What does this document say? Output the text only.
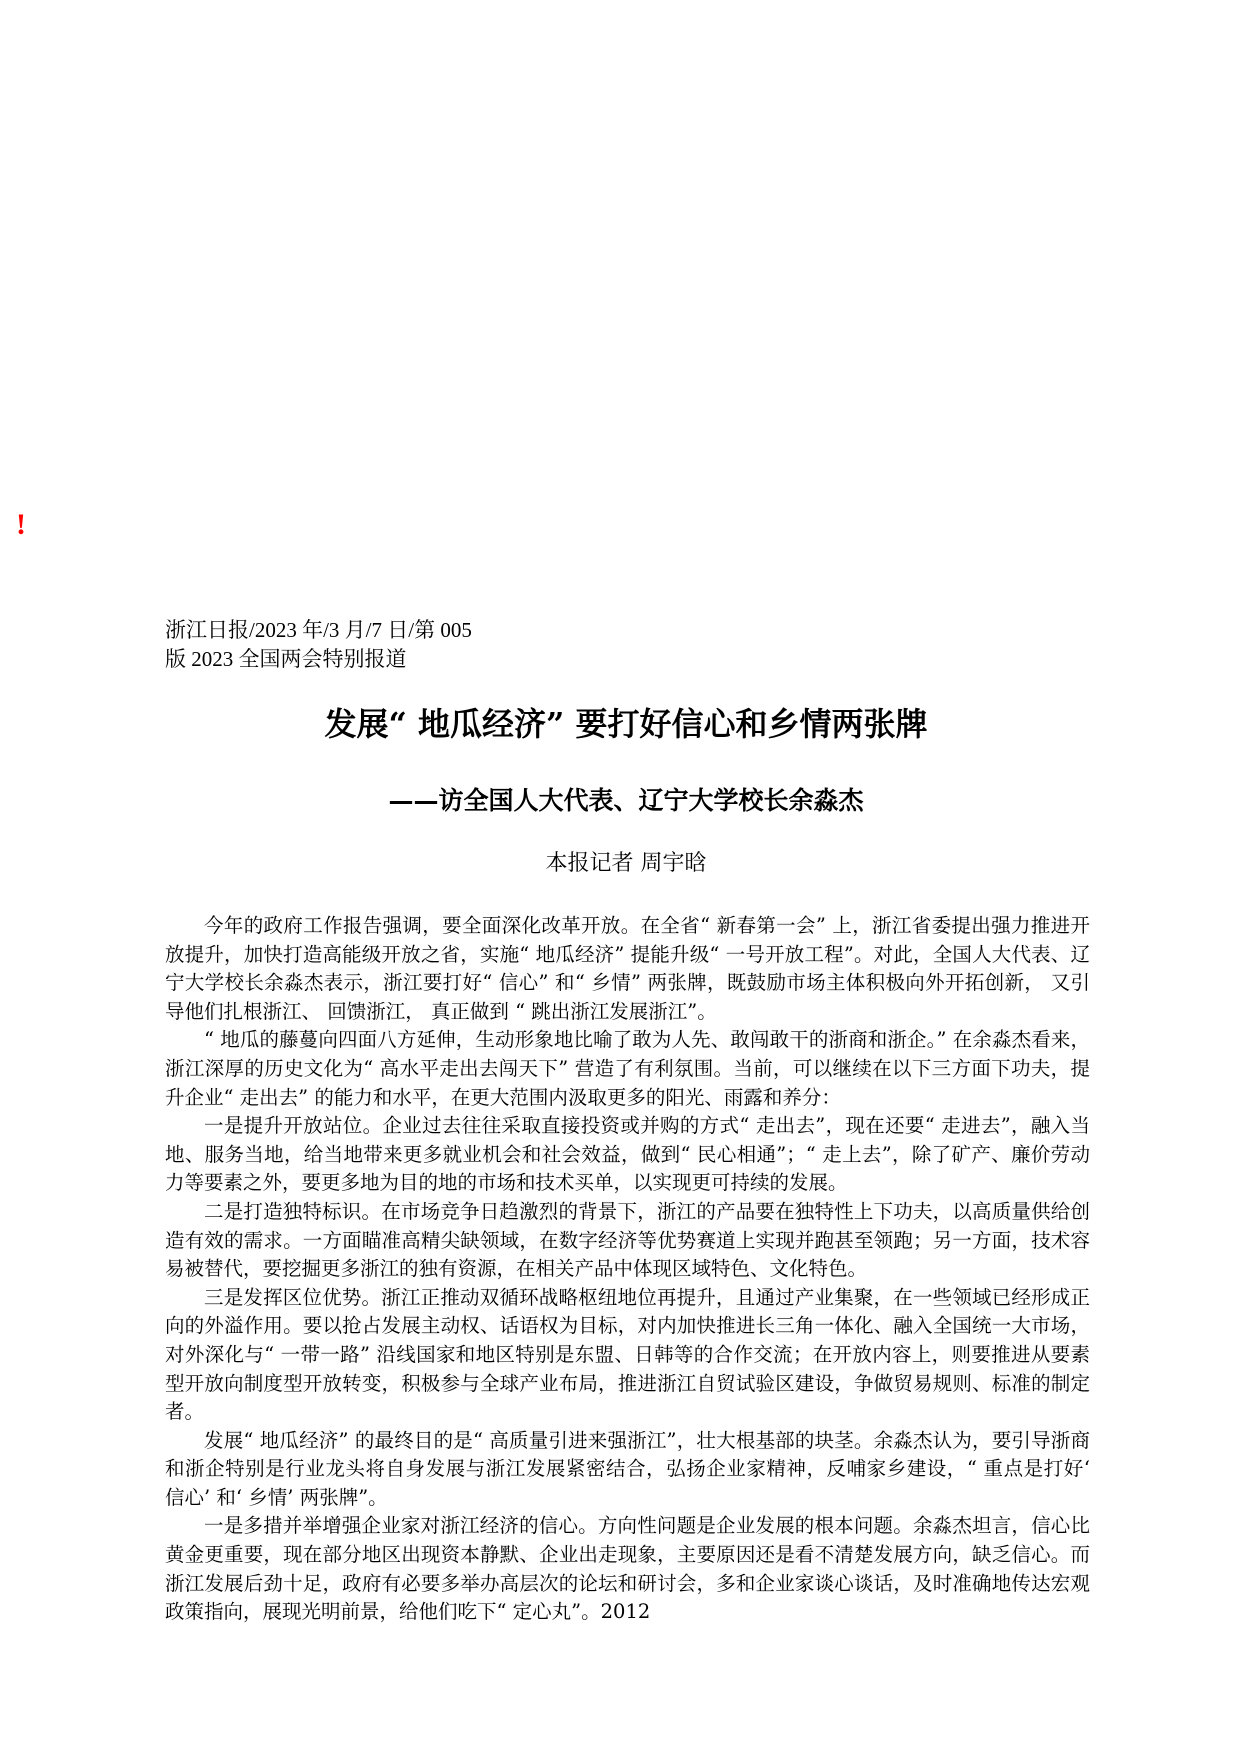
!
浙江日报/2023 年/3 月/7 日/第 005
版 2023 全国两会特别报道
发展“ 地瓜经济” 要打好信心和乡情两张牌
——访全国人大代表、辽宁大学校长余淼杰
本报记者 周宇晗

今年的政府工作报告强调，要全面深化改革开放。在全省“ 新春第一会” 上，浙江省委提出强力推进开放提升，加快打造高能级开放之省，实施“ 地瓜经济” 提能升级“ 一号开放工程”。对此，全国人大代表、辽宁大学校长余淼杰表示，浙江要打好“ 信心” 和“ 乡情” 两张牌，既鼓励市场主体积极向外开拓创新， 又引导他们扎根浙江、 回馈浙江， 真正做到 “ 跳出浙江发展浙江”。

“ 地瓜的藤蔓向四面八方延伸，生动形象地比喻了敢为人先、敢闯敢干的浙商和浙企。” 在余淼杰看来，浙江深厚的历史文化为“ 高水平走出去闯天下” 营造了有利氛围。当前，可以继续在以下三方面下功夫，提升企业“ 走出去” 的能力和水平，在更大范围内汲取更多的阳光、雨露和养分：

一是提升开放站位。企业过去往往采取直接投资或并购的方式“ 走出去”，现在还要“ 走进去”，融入当地、服务当地，给当地带来更多就业机会和社会效益，做到“ 民心相通”；“ 走上去”，除了矿产、廉价劳动力等要素之外，要更多地为目的地的市场和技术买单，以实现更可持续的发展。

二是打造独特标识。在市场竞争日趋激烈的背景下，浙江的产品要在独特性上下功夫，以高质量供给创造有效的需求。一方面瞄准高精尖缺领域，在数字经济等优势赛道上实现并跑甚至领跑；另一方面，技术容易被替代，要挖掘更多浙江的独有资源，在相关产品中体现区域特色、文化特色。

三是发挥区位优势。浙江正推动双循环战略枢纽地位再提升，且通过产业集聚，在一些领域已经形成正向的外溢作用。要以抢占发展主动权、话语权为目标，对内加快推进长三角一体化、融入全国统一大市场，对外深化与“ 一带一路” 沿线国家和地区特别是东盟、日韩等的合作交流；在开放内容上，则要推进从要素型开放向制度型开放转变，积极参与全球产业布局，推进浙江自贸试验区建设，争做贸易规则、标准的制定者。

发展“ 地瓜经济” 的最终目的是“ 高质量引进来强浙江”，壮大根基部的块茎。余淼杰认为，要引导浙商和浙企特别是行业龙头将自身发展与浙江发展紧密结合，弘扬企业家精神，反哺家乡建设，“ 重点是打好‘ 信心’ 和‘ 乡情’ 两张牌”。

一是多措并举增强企业家对浙江经济的信心。方向性问题是企业发展的根本问题。余淼杰坦言，信心比黄金更重要，现在部分地区出现资本静默、企业出走现象，主要原因还是看不清楚发展方向，缺乏信心。而浙江发展后劲十足，政府有必要多举办高层次的论坛和研讨会，多和企业家谈心谈话，及时准确地传达宏观政策指向，展现光明前景，给他们吃下“ 定心丸”。2012
